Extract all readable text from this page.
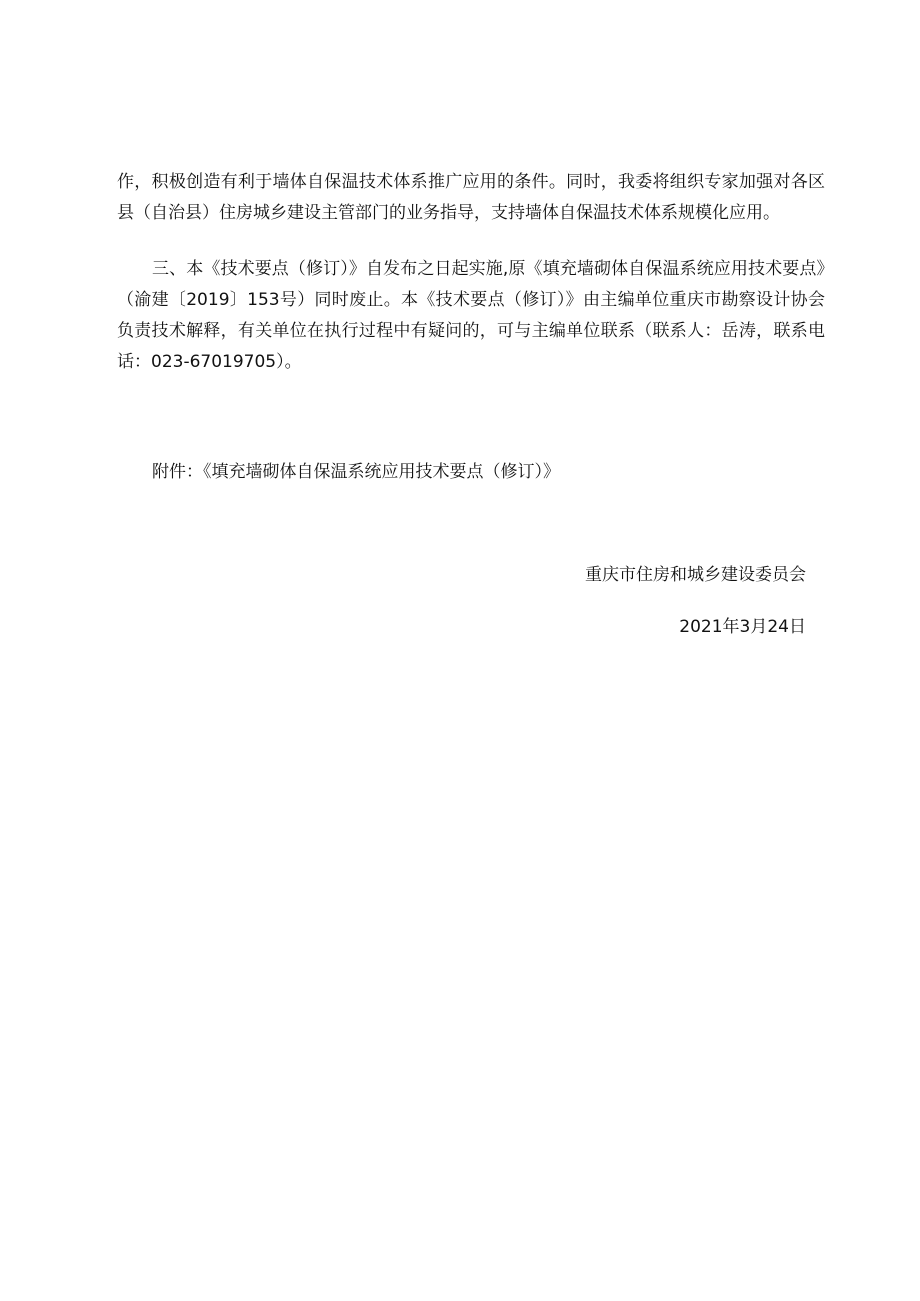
作，积极创造有利于墙体自保温技术体系推广应用的条件。同时，我委将组织专家加强对各区县（自治县）住房城乡建设主管部门的业务指导，支持墙体自保温技术体系规模化应用。

三、本《技术要点（修订）》自发布之日起实施,原《填充墙砌体自保温系统应用技术要点》（渝建〔2019〕153号）同时废止。本《技术要点（修订）》由主编单位重庆市勘察设计协会负责技术解释，有关单位在执行过程中有疑问的，可与主编单位联系（联系人：岳涛，联系电话：023-67019705）。

附件：《填充墙砌体自保温系统应用技术要点（修订）》

重庆市住房和城乡建设委员会

2021年3月24日
